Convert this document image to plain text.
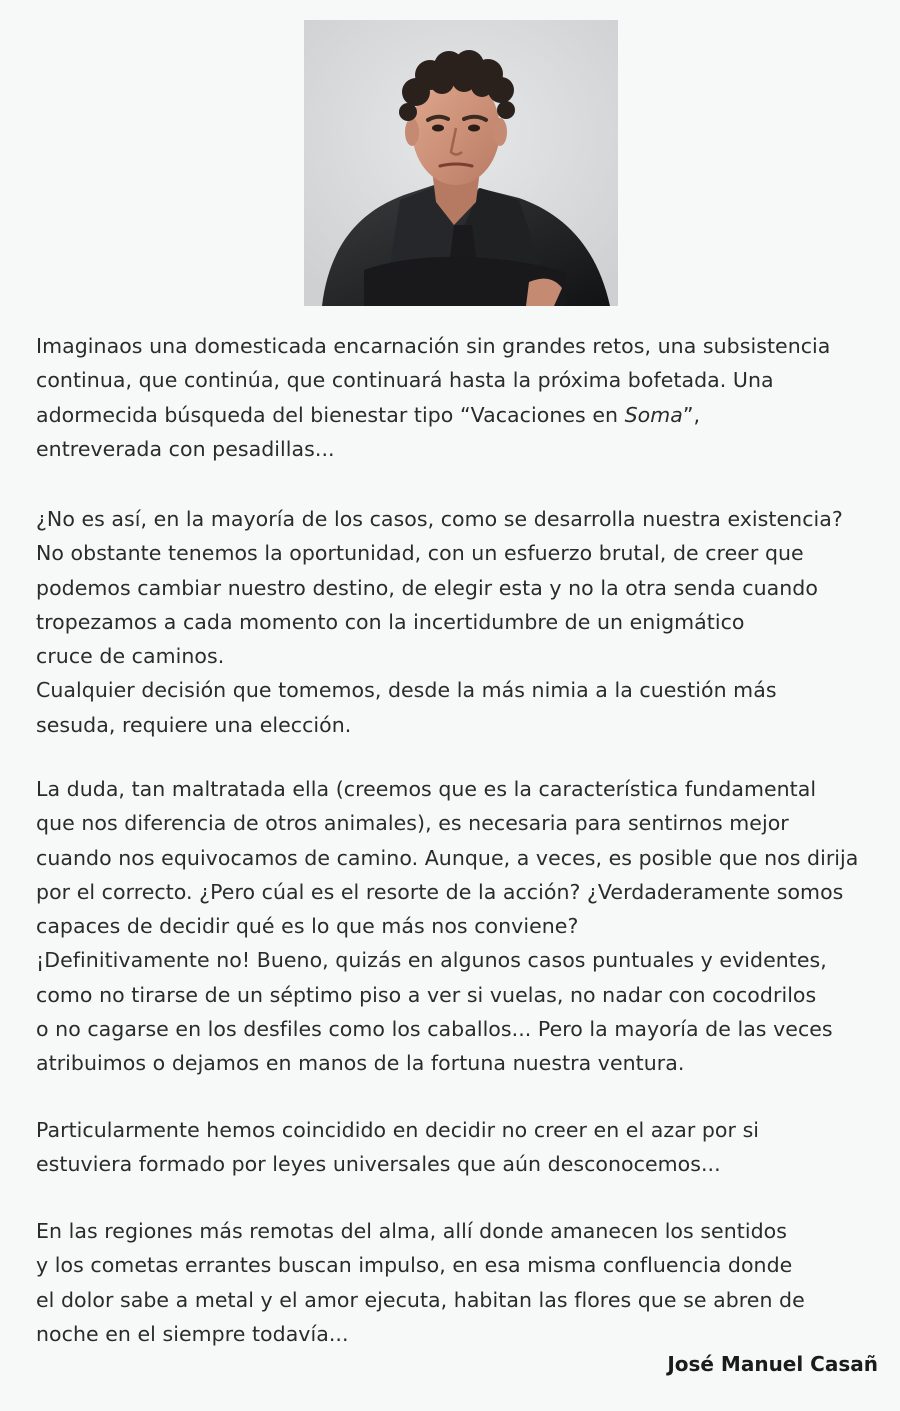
Imaginaos una domesticada encarnación sin grandes retos, una subsistencia
continua, que continúa, que continuará hasta la próxima bofetada. Una
adormecida búsqueda del bienestar tipo “Vacaciones en Soma”,
entreverada con pesadillas...
¿No es así, en la mayoría de los casos, como se desarrolla nuestra existencia?
No obstante tenemos la oportunidad, con un esfuerzo brutal, de creer que
podemos cambiar nuestro destino, de elegir esta y no la otra senda cuando
tropezamos a cada momento con la incertidumbre de un enigmático
cruce de caminos.
Cualquier decisión que tomemos, desde la más nimia a la cuestión más
sesuda, requiere una elección.
La duda, tan maltratada ella (creemos que es la característica fundamental
que nos diferencia de otros animales), es necesaria para sentirnos mejor
cuando nos equivocamos de camino. Aunque, a veces, es posible que nos dirija
por el correcto. ¿Pero cúal es el resorte de la acción? ¿Verdaderamente somos
capaces de decidir qué es lo que más nos conviene?
¡Definitivamente no! Bueno, quizás en algunos casos puntuales y evidentes,
como no tirarse de un séptimo piso a ver si vuelas, no nadar con cocodrilos
o no cagarse en los desfiles como los caballos... Pero la mayoría de las veces
atribuimos o dejamos en manos de la fortuna nuestra ventura.
Particularmente hemos coincidido en decidir no creer en el azar por si
estuviera formado por leyes universales que aún desconocemos...
En las regiones más remotas del alma, allí donde amanecen los sentidos
y los cometas errantes buscan impulso, en esa misma confluencia donde
el dolor sabe a metal y el amor ejecuta, habitan las flores que se abren de
noche en el siempre todavía...
José Manuel Casañ
